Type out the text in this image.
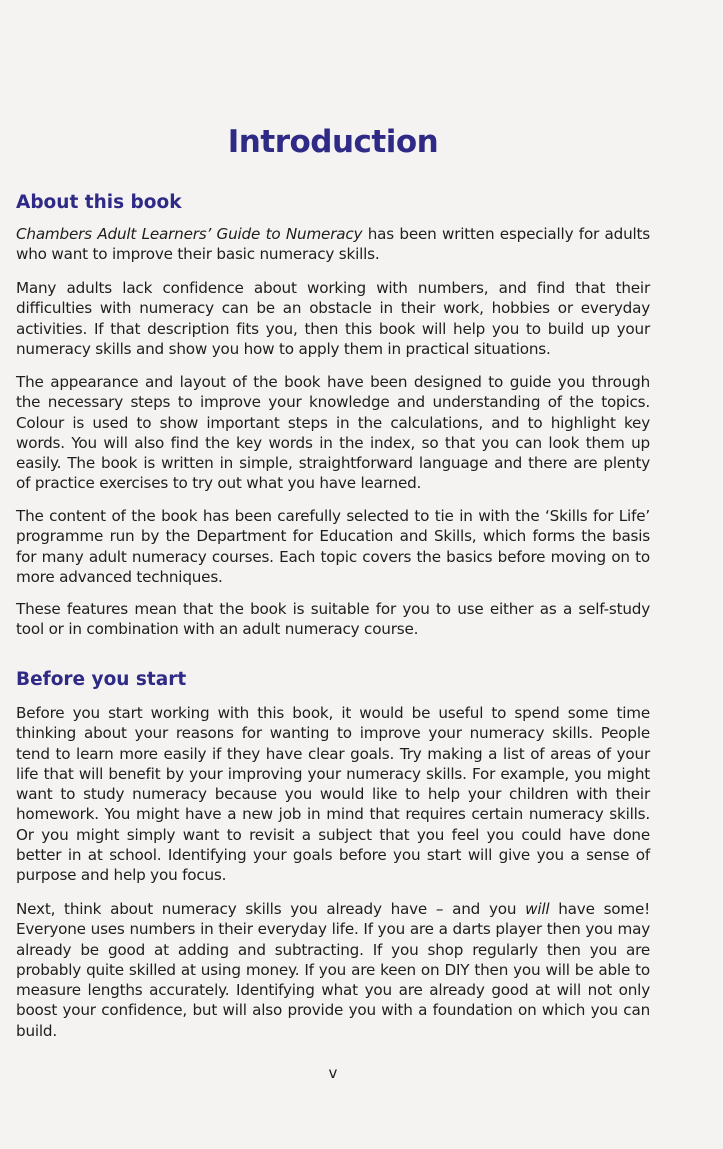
Introduction
About this book

Chambers Adult Learners’ Guide to Numeracy has been written especially for adults who want to improve their basic numeracy skills.

Many adults lack confidence about working with numbers, and find that their difficulties with numeracy can be an obstacle in their work, hobbies or everyday activities. If that description fits you, then this book will help you to build up your numeracy skills and show you how to apply them in practical situations.

The appearance and layout of the book have been designed to guide you through the necessary steps to improve your knowledge and understanding of the topics. Colour is used to show important steps in the calculations, and to highlight key words. You will also find the key words in the index, so that you can look them up easily. The book is written in simple, straightforward language and there are plenty of practice exercises to try out what you have learned.

The content of the book has been carefully selected to tie in with the ‘Skills for Life’ programme run by the Department for Education and Skills, which forms the basis for many adult numeracy courses. Each topic covers the basics before moving on to more advanced techniques.

These features mean that the book is suitable for you to use either as a self-study tool or in combination with an adult numeracy course.

Before you start

Before you start working with this book, it would be useful to spend some time thinking about your reasons for wanting to improve your numeracy skills. People tend to learn more easily if they have clear goals. Try making a list of areas of your life that will benefit by your improving your numeracy skills. For example, you might want to study numeracy because you would like to help your children with their homework. You might have a new job in mind that requires certain numeracy skills. Or you might simply want to revisit a subject that you feel you could have done better in at school. Identifying your goals before you start will give you a sense of purpose and help you focus.

Next, think about numeracy skills you already have – and you will have some! Everyone uses numbers in their everyday life. If you are a darts player then you may already be good at adding and subtracting. If you shop regularly then you are probably quite skilled at using money. If you are keen on DIY then you will be able to measure lengths accurately. Identifying what you are already good at will not only boost your confidence, but will also provide you with a foundation on which you can build.

v
